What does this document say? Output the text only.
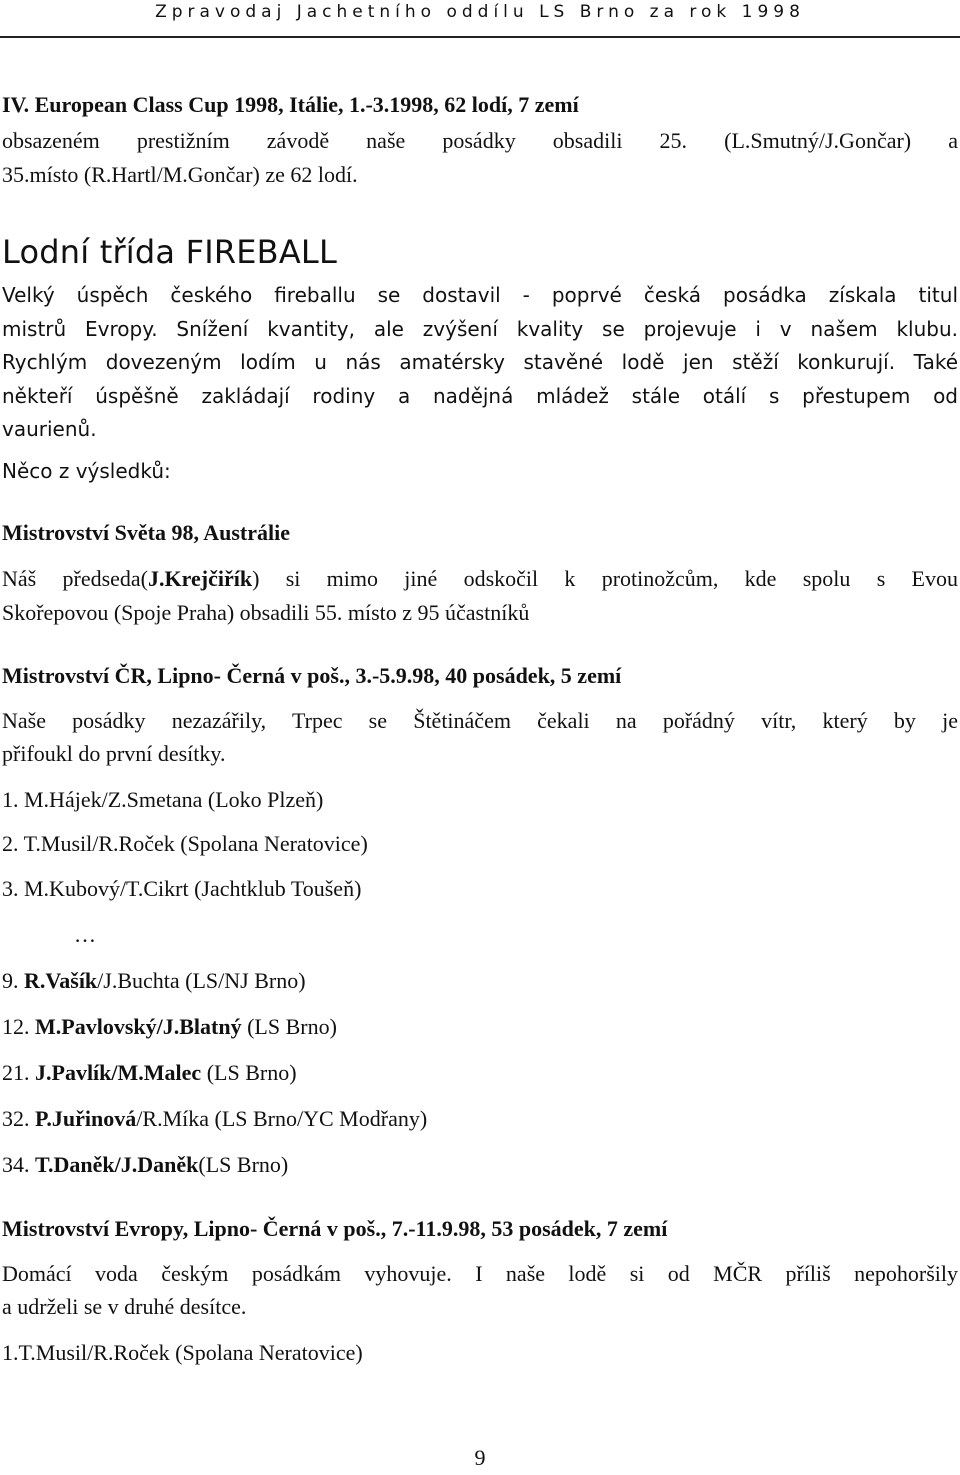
Zpravodaj Jachetního oddílu LS Brno za rok 1998
IV. European Class Cup 1998, Itálie, 1.-3.1998, 62 lodí, 7 zemí
obsazeném prestižním závodě naše posádky obsadili 25. (L.Smutný/J.Gončar) a
35.místo (R.Hartl/M.Gončar) ze 62 lodí.
Lodní třída FIREBALL
Velký úspěch českého fireballu se dostavil - poprvé česká posádka získala titul
mistrů Evropy. Snížení kvantity, ale zvýšení kvality se projevuje i v našem klubu.
Rychlým dovezeným lodím u nás amatérsky stavěné lodě jen stěží konkurují. Také
někteří úspěšně zakládají rodiny a nadějná mládež stále otálí s přestupem od
vaurienů.
Něco z výsledků:
Mistrovství Světa 98, Austrálie
Náš předseda(J.Krejčiřík) si mimo jiné odskočil k protinožcům, kde spolu s Evou
Skořepovou (Spoje Praha) obsadili 55. místo z 95 účastníků
Mistrovství ČR, Lipno- Černá v poš., 3.-5.9.98, 40 posádek, 5 zemí
Naše posádky nezazářily, Trpec se Štětináčem čekali na pořádný vítr, který by je
přifoukl do první desítky.
1. M.Hájek/Z.Smetana (Loko Plzeň)
2. T.Musil/R.Roček (Spolana Neratovice)
3. M.Kubový/T.Cikrt (Jachtklub Toušeň)
…
9. R.Vašík/J.Buchta (LS/NJ Brno)
12. M.Pavlovský/J.Blatný (LS Brno)
21. J.Pavlík/M.Malec (LS Brno)
32. P.Juřinová/R.Míka (LS Brno/YC Modřany)
34. T.Daněk/J.Daněk(LS Brno)
Mistrovství Evropy, Lipno- Černá v poš., 7.-11.9.98, 53 posádek, 7 zemí
Domácí voda českým posádkám vyhovuje. I naše lodě si od MČR příliš nepohoršily
a udrželi se v druhé desítce.
1.T.Musil/R.Roček (Spolana Neratovice)
9
